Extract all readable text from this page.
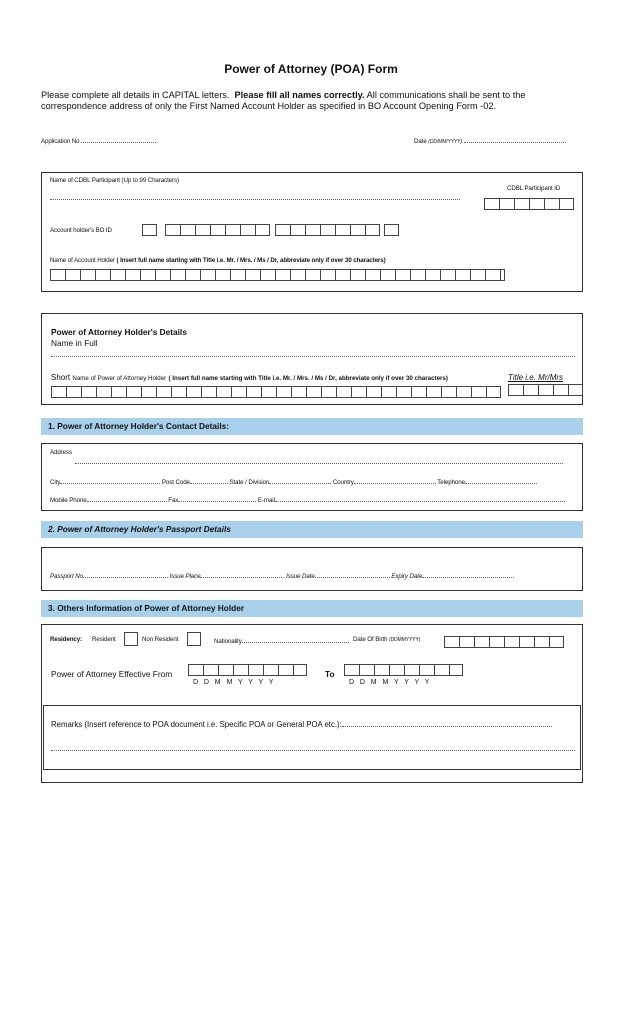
Power of Attorney (POA) Form
Please complete all details in CAPITAL letters. Please fill all names correctly. All communications shall be sent to the
correspondence address of only the First Named Account Holder as specified in BO Account Opening Form -02.
Application No	Date (DD/MM/YYYY)
Name of CDBL Participant (Up to 99 Characters)
CDBL Participant ID
Account holder's BO ID
Name of Account Holder ( Insert full name starting with Title i.e. Mr. / Mrs. / Ms / Dr, abbreviate only if over 30 characters)
Power of Attorney Holder's Details
Name in Full
Short Name of Power of Attorney Holder ( Insert full name starting with Title i.e. Mr. / Mrs. / Ms / Dr, abbreviate only if over 30 characters)	Title i.e. Mr/Mrs
1. Power of Attorney Holder's Contact Details:
Address
City	Post Code	State / Division	Country	Telephone
Mobile Phone	Fax	E-mail
2. Power of Attorney Holder's Passport Details
Passport No	Issue Place	Issue Date	Expiry Date
3. Others Information of Power of Attorney Holder
Residency: Resident	Non Resident	Nationality	Date Of Birth (DDMMYYYY)
Power of Attorney Effective From
D   D   M   M   Y   Y   Y   Y
To
D   D   M   M   Y   Y   Y   Y
Remarks (Insert reference to POA document i.e. Specific POA or General POA etc.):
